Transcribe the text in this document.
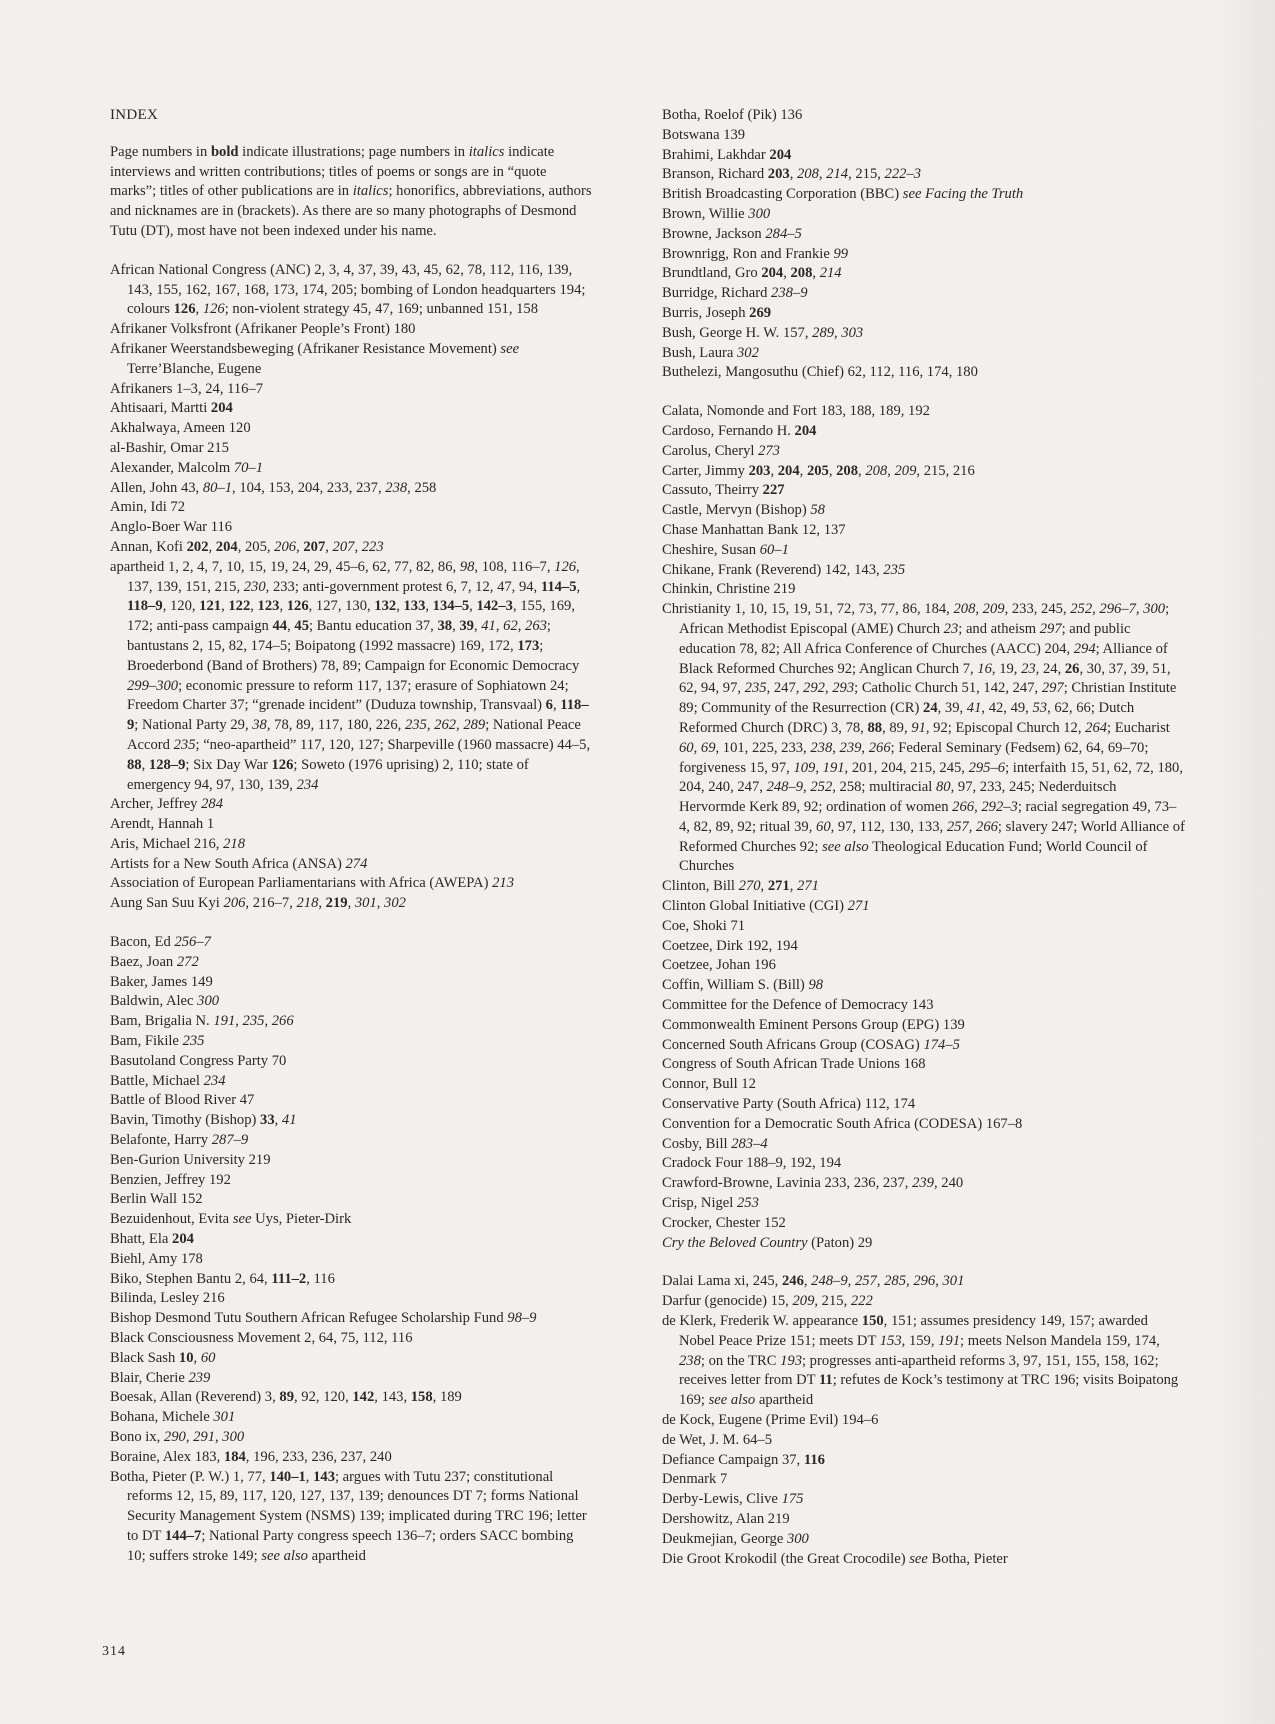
INDEX

Page numbers in bold indicate illustrations; page numbers in italics indicate interviews and written contributions; titles of poems or songs are in “quote marks”; titles of other publications are in italics; honorifics, abbreviations, authors and nicknames are in (brackets). As there are so many photographs of Desmond Tutu (DT), most have not been indexed under his name.

African National Congress (ANC) 2, 3, 4, 37, 39, 43, 45, 62, 78, 112, 116, 139, 143, 155, 162, 167, 168, 173, 174, 205; bombing of London headquarters 194; colours 126, 126; non-violent strategy 45, 47, 169; unbanned 151, 158

Afrikaner Volksfront (Afrikaner People’s Front) 180

Afrikaner Weerstandsbeweging (Afrikaner Resistance Movement) see Terre’Blanche, Eugene

Afrikaners 1–3, 24, 116–7

Ahtisaari, Martti 204

Akhalwaya, Ameen 120

al-Bashir, Omar 215

Alexander, Malcolm 70–1

Allen, John 43, 80–1, 104, 153, 204, 233, 237, 238, 258

Amin, Idi 72

Anglo-Boer War 116

Annan, Kofi 202, 204, 205, 206, 207, 207, 223

apartheid 1, 2, 4, 7, 10, 15, 19, 24, 29, 45–6, 62, 77, 82, 86, 98, 108, 116–7, 126, 137, 139, 151, 215, 230, 233; anti-government protest 6, 7, 12, 47, 94, 114–5, 118–9, 120, 121, 122, 123, 126, 127, 130, 132, 133, 134–5, 142–3, 155, 169, 172; anti-pass campaign 44, 45; Bantu education 37, 38, 39, 41, 62, 263; bantustans 2, 15, 82, 174–5; Boipatong (1992 massacre) 169, 172, 173; Broederbond (Band of Brothers) 78, 89; Campaign for Economic Democracy 299–300; economic pressure to reform 117, 137; erasure of Sophiatown 24; Freedom Charter 37; “grenade incident” (Duduza township, Transvaal) 6, 118–9; National Party 29, 38, 78, 89, 117, 180, 226, 235, 262, 289; National Peace Accord 235; “neo-apartheid” 117, 120, 127; Sharpeville (1960 massacre) 44–5, 88, 128–9; Six Day War 126; Soweto (1976 uprising) 2, 110; state of emergency 94, 97, 130, 139, 234

Archer, Jeffrey 284

Arendt, Hannah 1

Aris, Michael 216, 218

Artists for a New South Africa (ANSA) 274

Association of European Parliamentarians with Africa (AWEPA) 213

Aung San Suu Kyi 206, 216–7, 218, 219, 301, 302

Bacon, Ed 256–7

Baez, Joan 272

Baker, James 149

Baldwin, Alec 300

Bam, Brigalia N. 191, 235, 266

Bam, Fikile 235

Basutoland Congress Party 70

Battle, Michael 234

Battle of Blood River 47

Bavin, Timothy (Bishop) 33, 41

Belafonte, Harry 287–9

Ben-Gurion University 219

Benzien, Jeffrey 192

Berlin Wall 152

Bezuidenhout, Evita see Uys, Pieter-Dirk

Bhatt, Ela 204

Biehl, Amy 178

Biko, Stephen Bantu 2, 64, 111–2, 116

Bilinda, Lesley 216

Bishop Desmond Tutu Southern African Refugee Scholarship Fund 98–9

Black Consciousness Movement 2, 64, 75, 112, 116

Black Sash 10, 60

Blair, Cherie 239

Boesak, Allan (Reverend) 3, 89, 92, 120, 142, 143, 158, 189

Bohana, Michele 301

Bono ix, 290, 291, 300

Boraine, Alex 183, 184, 196, 233, 236, 237, 240

Botha, Pieter (P. W.) 1, 77, 140–1, 143; argues with Tutu 237; constitutional reforms 12, 15, 89, 117, 120, 127, 137, 139; denounces DT 7; forms National Security Management System (NSMS) 139; implicated during TRC 196; letter to DT 144–7; National Party congress speech 136–7; orders SACC bombing 10; suffers stroke 149; see also apartheid

Botha, Roelof (Pik) 136

Botswana 139

Brahimi, Lakhdar 204

Branson, Richard 203, 208, 214, 215, 222–3

British Broadcasting Corporation (BBC) see Facing the Truth

Brown, Willie 300

Browne, Jackson 284–5

Brownrigg, Ron and Frankie 99

Brundtland, Gro 204, 208, 214

Burridge, Richard 238–9

Burris, Joseph 269

Bush, George H. W. 157, 289, 303

Bush, Laura 302

Buthelezi, Mangosuthu (Chief) 62, 112, 116, 174, 180

Calata, Nomonde and Fort 183, 188, 189, 192

Cardoso, Fernando H. 204

Carolus, Cheryl 273

Carter, Jimmy 203, 204, 205, 208, 208, 209, 215, 216

Cassuto, Theirry 227

Castle, Mervyn (Bishop) 58

Chase Manhattan Bank 12, 137

Cheshire, Susan 60–1

Chikane, Frank (Reverend) 142, 143, 235

Chinkin, Christine 219

Christianity 1, 10, 15, 19, 51, 72, 73, 77, 86, 184, 208, 209, 233, 245, 252, 296–7, 300; African Methodist Episcopal (AME) Church 23; and atheism 297; and public education 78, 82; All Africa Conference of Churches (AACC) 204, 294; Alliance of Black Reformed Churches 92; Anglican Church 7, 16, 19, 23, 24, 26, 30, 37, 39, 51, 62, 94, 97, 235, 247, 292, 293; Catholic Church 51, 142, 247, 297; Christian Institute 89; Community of the Resurrection (CR) 24, 39, 41, 42, 49, 53, 62, 66; Dutch Reformed Church (DRC) 3, 78, 88, 89, 91, 92; Episcopal Church 12, 264; Eucharist 60, 69, 101, 225, 233, 238, 239, 266; Federal Seminary (Fedsem) 62, 64, 69–70; forgiveness 15, 97, 109, 191, 201, 204, 215, 245, 295–6; interfaith 15, 51, 62, 72, 180, 204, 240, 247, 248–9, 252, 258; multiracial 80, 97, 233, 245; Nederduitsch Hervormde Kerk 89, 92; ordination of women 266, 292–3; racial segregation 49, 73–4, 82, 89, 92; ritual 39, 60, 97, 112, 130, 133, 257, 266; slavery 247; World Alliance of Reformed Churches 92; see also Theological Education Fund; World Council of Churches

Clinton, Bill 270, 271, 271

Clinton Global Initiative (CGI) 271

Coe, Shoki 71

Coetzee, Dirk 192, 194

Coetzee, Johan 196

Coffin, William S. (Bill) 98

Committee for the Defence of Democracy 143

Commonwealth Eminent Persons Group (EPG) 139

Concerned South Africans Group (COSAG) 174–5

Congress of South African Trade Unions 168

Connor, Bull 12

Conservative Party (South Africa) 112, 174

Convention for a Democratic South Africa (CODESA) 167–8

Cosby, Bill 283–4

Cradock Four 188–9, 192, 194

Crawford-Browne, Lavinia 233, 236, 237, 239, 240

Crisp, Nigel 253

Crocker, Chester 152

Cry the Beloved Country (Paton) 29

Dalai Lama xi, 245, 246, 248–9, 257, 285, 296, 301

Darfur (genocide) 15, 209, 215, 222

de Klerk, Frederik W. appearance 150, 151; assumes presidency 149, 157; awarded Nobel Peace Prize 151; meets DT 153, 159, 191; meets Nelson Mandela 159, 174, 238; on the TRC 193; progresses anti-apartheid reforms 3, 97, 151, 155, 158, 162; receives letter from DT 11; refutes de Kock’s testimony at TRC 196; visits Boipatong 169; see also apartheid

de Kock, Eugene (Prime Evil) 194–6

de Wet, J. M. 64–5

Defiance Campaign 37, 116

Denmark 7

Derby-Lewis, Clive 175

Dershowitz, Alan 219

Deukmejian, George 300

Die Groot Krokodil (the Great Crocodile) see Botha, Pieter

314
